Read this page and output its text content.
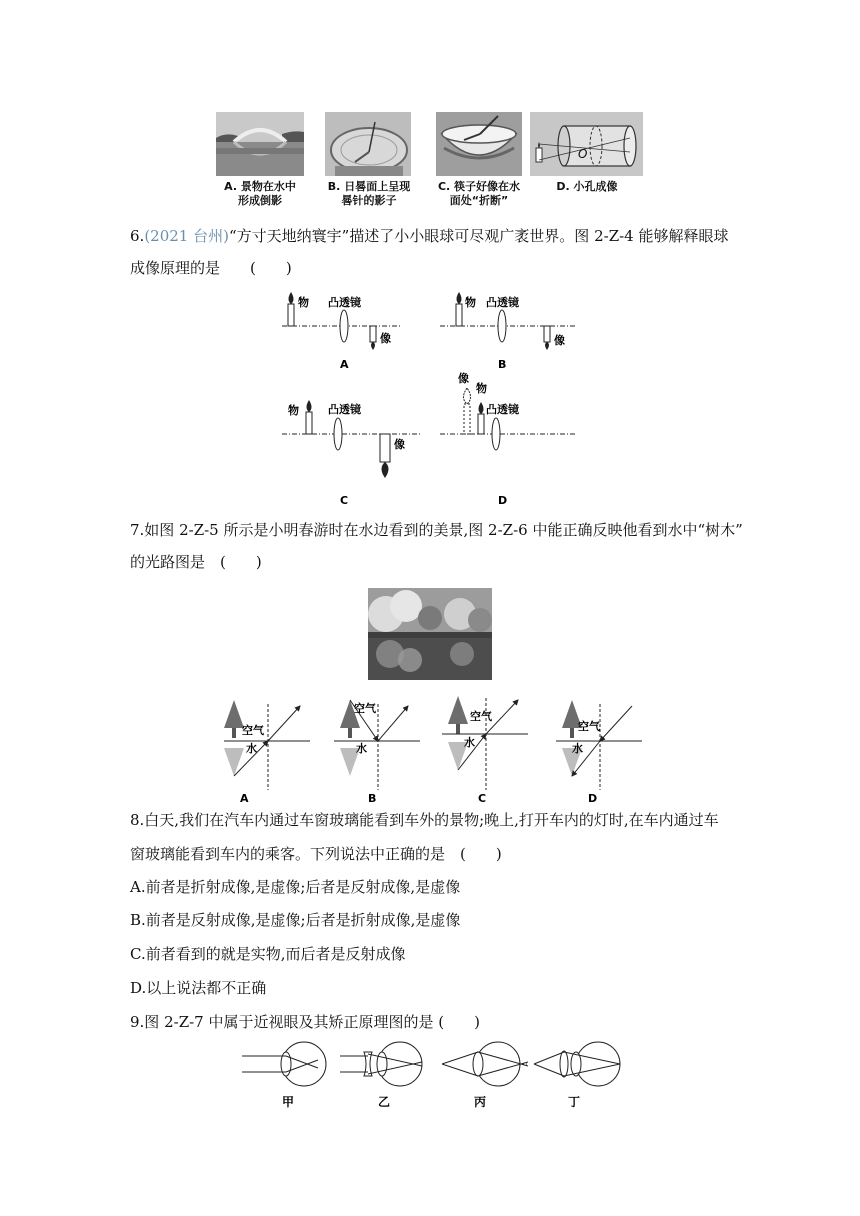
O
A. 景物在水中
形成倒影
B. 日晷面上呈现
晷针的影子
C. 筷子好像在水
面处“折断”
D. 小孔成像
6.(2021 台州)“方寸天地纳寰宇”描述了小小眼球可尽观广袤世界。图 2-Z-4 能够解释眼球
成像原理的是　　(　　)
物 凸透镜
像
A
物 凸透镜
像
B
物	凸透镜
像
C
像
物
凸透镜
D
7.如图 2-Z-5 所示是小明春游时在水边看到的美景,图 2-Z-6 中能正确反映他看到水中“树木”
的光路图是　(　　)
空气
水
A
空气
水
B
空气
水
C
空气
水
D
8.白天,我们在汽车内通过车窗玻璃能看到车外的景物;晚上,打开车内的灯时,在车内通过车
窗玻璃能看到车内的乘客。下列说法中正确的是　(　　)
A.前者是折射成像,是虚像;后者是反射成像,是虚像
B.前者是反射成像,是虚像;后者是折射成像,是虚像
C.前者看到的就是实物,而后者是反射成像
D.以上说法都不正确
9.图 2-Z-7 中属于近视眼及其矫正原理图的是 (　　)
甲	乙	丙	丁
